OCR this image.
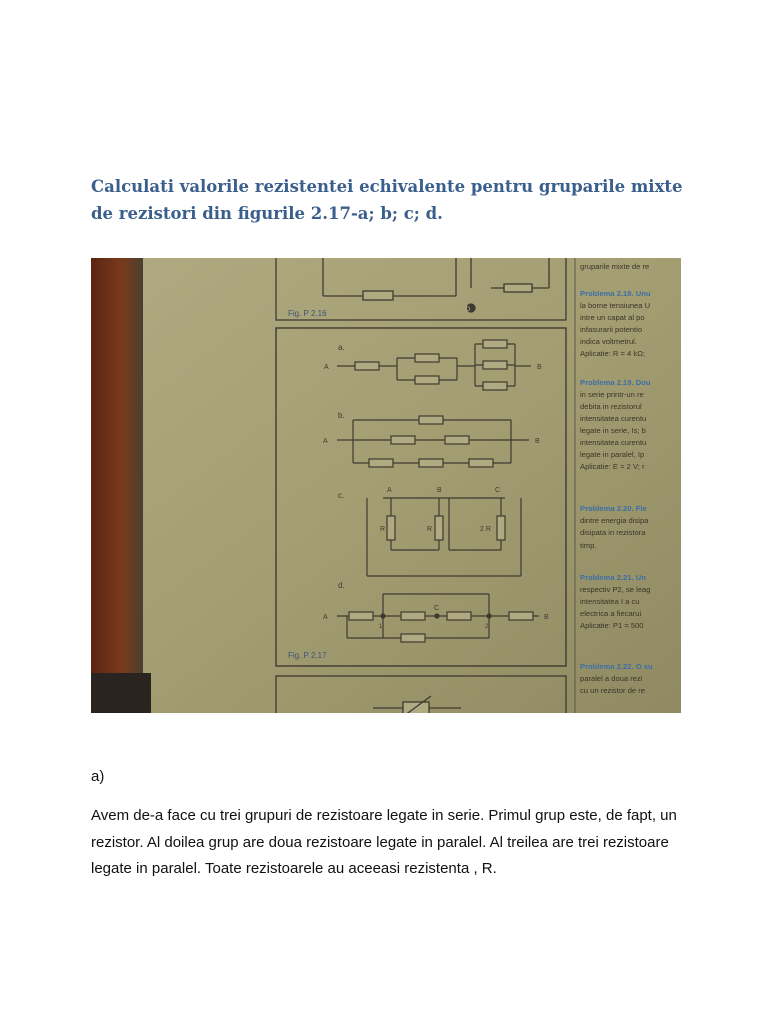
Calculati valorile rezistentei echivalente pentru gruparile mixte de rezistori din figurile 2.17-a; b; c; d.
Fig. P 2.16
b
a.
A	B
b.
A	B
c.
A	B	C
R	R	2 R
d.
A	B
C
1	2
Fig. P 2.17
gruparile mixte de re
Problema 2.18. Unu
la borne tensiunea U
intre un capat al po
infasurarii potentio
indica voltmetrul.
Aplicatie: R = 4 kΩ;
Problema 2.19. Dou
in serie printr-un re
debita in rezistorul
intensitatea curentu
legate in serie, Is; b
intensitatea curentu
legate in paralel, Ip
Aplicatie: E = 2 V; r
Problema 2.20. Fie
dintre energia disipa
disipata in rezistora
timp.
Problema 2.21. Un
respectiv P2, se leag
intensitatea I a cu
electrica a fiecarui
Aplicatie: P1 = 500
Problema 2.22. O su
paralel a doua rezi
cu un rezistor de re
a)

Avem de-a face cu trei grupuri de rezistoare legate in serie. Primul grup este, de fapt, un rezistor. Al doilea grup are doua rezistoare legate in paralel. Al treilea are trei rezistoare legate in paralel. Toate rezistoarele au aceeasi rezistenta , R.
